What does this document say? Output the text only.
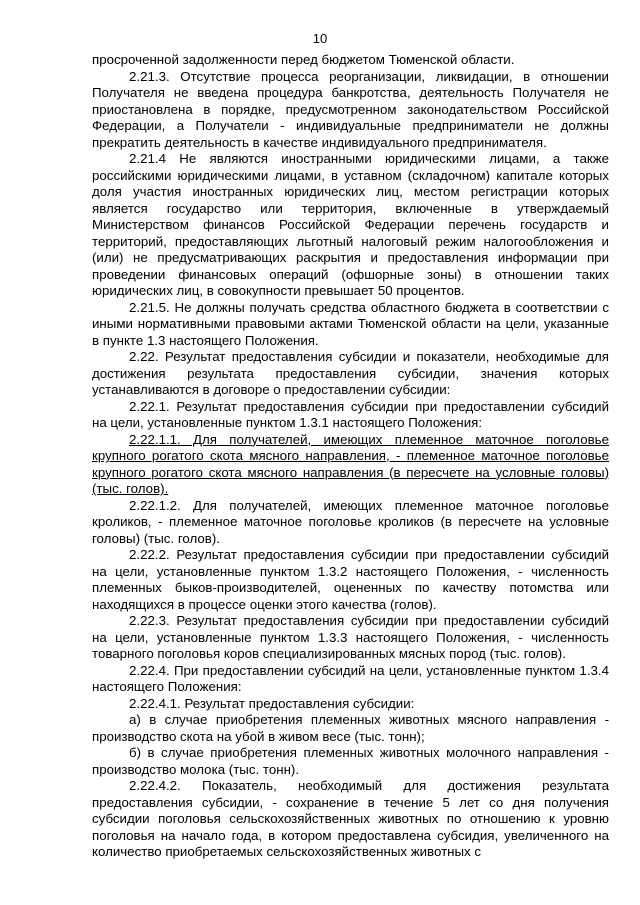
10

просроченной задолженности перед бюджетом Тюменской области.

2.21.3. Отсутствие процесса реорганизации, ликвидации, в отношении Получателя не введена процедура банкротства, деятельность Получателя не приостановлена в порядке, предусмотренном законодательством Российской Федерации, а Получатели - индивидуальные предприниматели не должны прекратить деятельность в качестве индивидуального предпринимателя.

2.21.4 Не являются иностранными юридическими лицами, а также российскими юридическими лицами, в уставном (складочном) капитале которых доля участия иностранных юридических лиц, местом регистрации которых является государство или территория, включенные в утверждаемый Министерством финансов Российской Федерации перечень государств и территорий, предоставляющих льготный налоговый режим налогообложения и (или) не предусматривающих раскрытия и предоставления информации при проведении финансовых операций (офшорные зоны) в отношении таких юридических лиц, в совокупности превышает 50 процентов.

2.21.5. Не должны получать средства областного бюджета в соответствии с иными нормативными правовыми актами Тюменской области на цели, указанные в пункте 1.3 настоящего Положения.

2.22. Результат предоставления субсидии и показатели, необходимые для достижения результата предоставления субсидии, значения которых устанавливаются в договоре о предоставлении субсидии:

2.22.1. Результат предоставления субсидии при предоставлении субсидий на цели, установленные пунктом 1.3.1 настоящего Положения:

2.22.1.1. Для получателей, имеющих племенное маточное поголовье крупного рогатого скота мясного направления, - племенное маточное поголовье крупного рогатого скота мясного направления (в пересчете на условные головы) (тыс. голов).

2.22.1.2. Для получателей, имеющих племенное маточное поголовье кроликов, - племенное маточное поголовье кроликов (в пересчете на условные головы) (тыс. голов).

2.22.2. Результат предоставления субсидии при предоставлении субсидий на цели, установленные пунктом 1.3.2 настоящего Положения, - численность племенных быков-производителей, оцененных по качеству потомства или находящихся в процессе оценки этого качества (голов).

2.22.3. Результат предоставления субсидии при предоставлении субсидий на цели, установленные пунктом 1.3.3 настоящего Положения, - численность товарного поголовья коров специализированных мясных пород (тыс. голов).

2.22.4. При предоставлении субсидий на цели, установленные пунктом 1.3.4 настоящего Положения:

2.22.4.1. Результат предоставления субсидии:

а) в случае приобретения племенных животных мясного направления - производство скота на убой в живом весе (тыс. тонн);

б) в случае приобретения племенных животных молочного направления - производство молока (тыс. тонн).

2.22.4.2. Показатель, необходимый для достижения результата предоставления субсидии, - сохранение в течение 5 лет со дня получения субсидии поголовья сельскохозяйственных животных по отношению к уровню поголовья на начало года, в котором предоставлена субсидия, увеличенного на количество приобретаемых сельскохозяйственных животных с
